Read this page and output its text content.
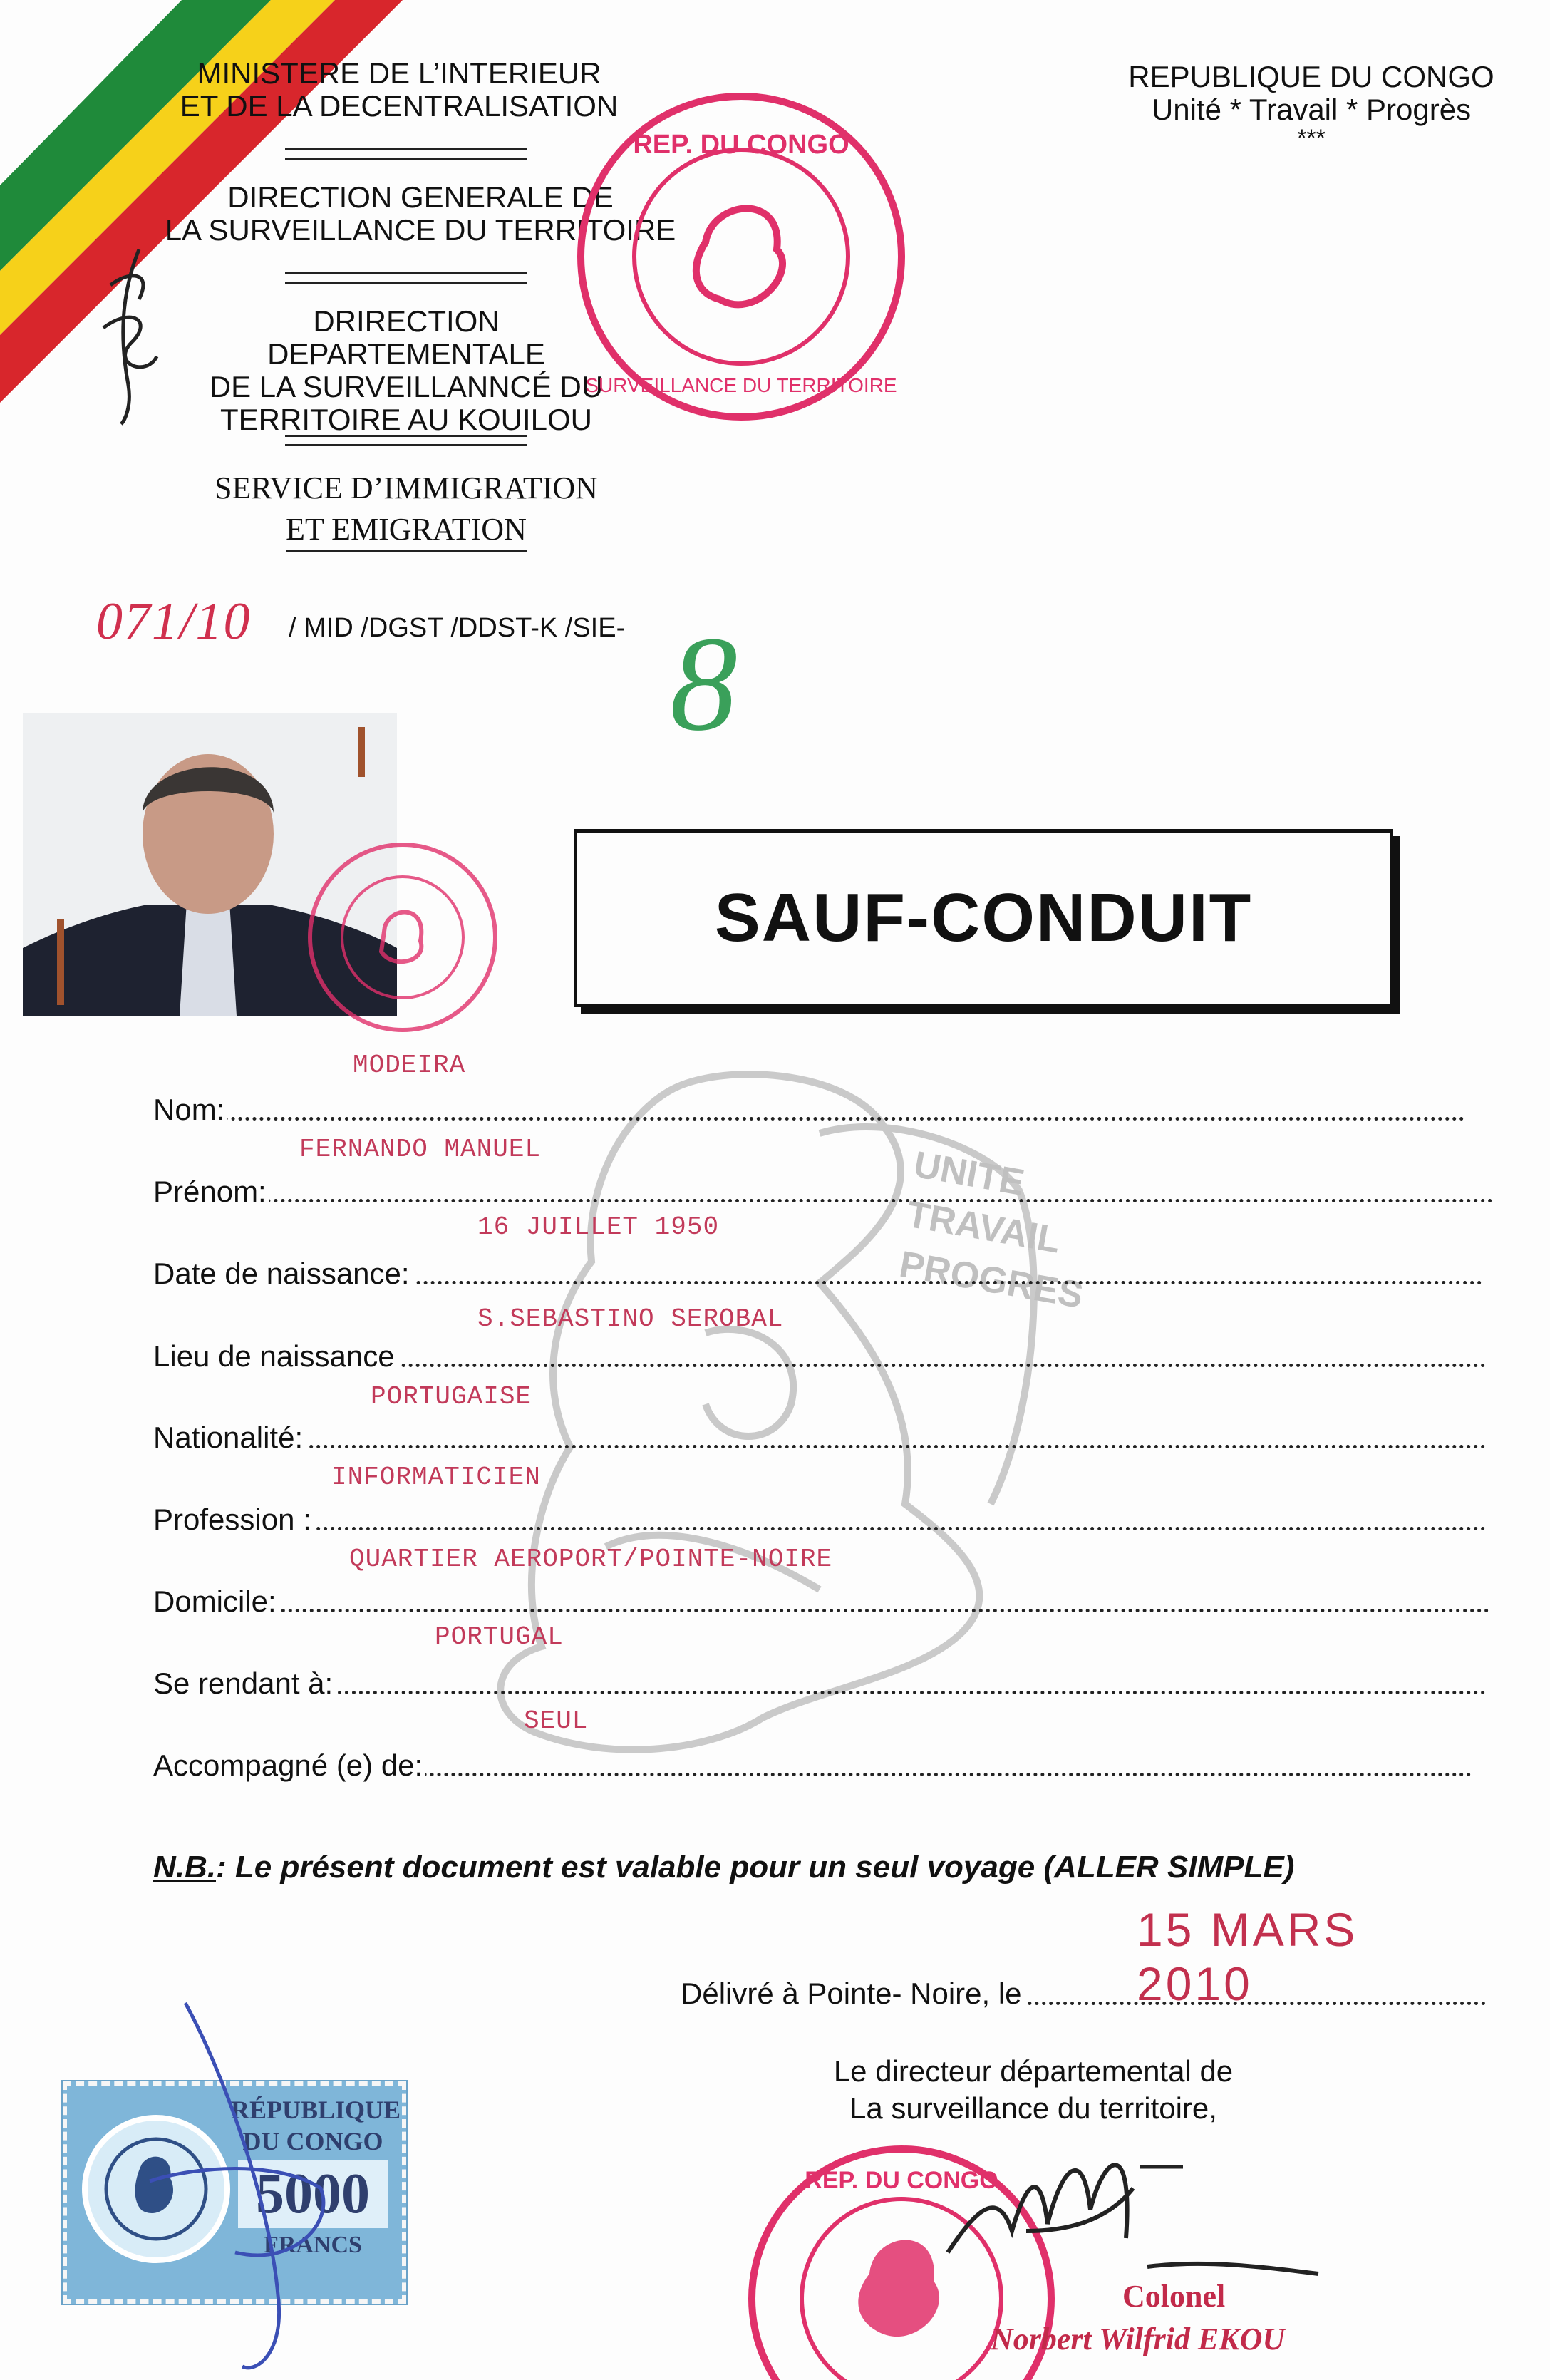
MINISTERE DE L’INTERIEUR
ET DE LA DECENTRALISATION
DIRECTION GENERALE DE
LA SURVEILLANCE DU TERRITOIRE
DRIRECTION DEPARTEMENTALE
DE LA SURVEILLANNCÉ DU
TERRITOIRE AU KOUILOU
SERVICE D’IMMIGRATION
ET EMIGRATION
REPUBLIQUE DU CONGO
Unité * Travail * Progrès
***
REP. DU CONGO
SURVEILLANCE DU TERRITOIRE
071/10 / MID /DGST /DDST-K /SIE- 8
SAUF-CONDUIT
UNITE
TRAVAIL
PROGRES
Nom:
MODEIRA
Prénom:
FERNANDO MANUEL
Date de naissance:
16 JUILLET 1950
Lieu de naissance
S.SEBASTINO SEROBAL
Nationalité:
PORTUGAISE
Profession :
INFORMATICIEN
Domicile:
QUARTIER AEROPORT/POINTE-NOIRE
Se rendant à:
PORTUGAL
Accompagné (e) de:
SEUL
N.B.: Le présent document est valable pour un seul voyage (ALLER SIMPLE)
Délivré à Pointe- Noire, le
15 MARS 2010
Le directeur départemental de
La surveillance du territoire,
RÉPUBLIQUE
DU CONGO
5000
FRANCS
REP. DU CONGO
Colonel
Norbert Wilfrid EKOU
